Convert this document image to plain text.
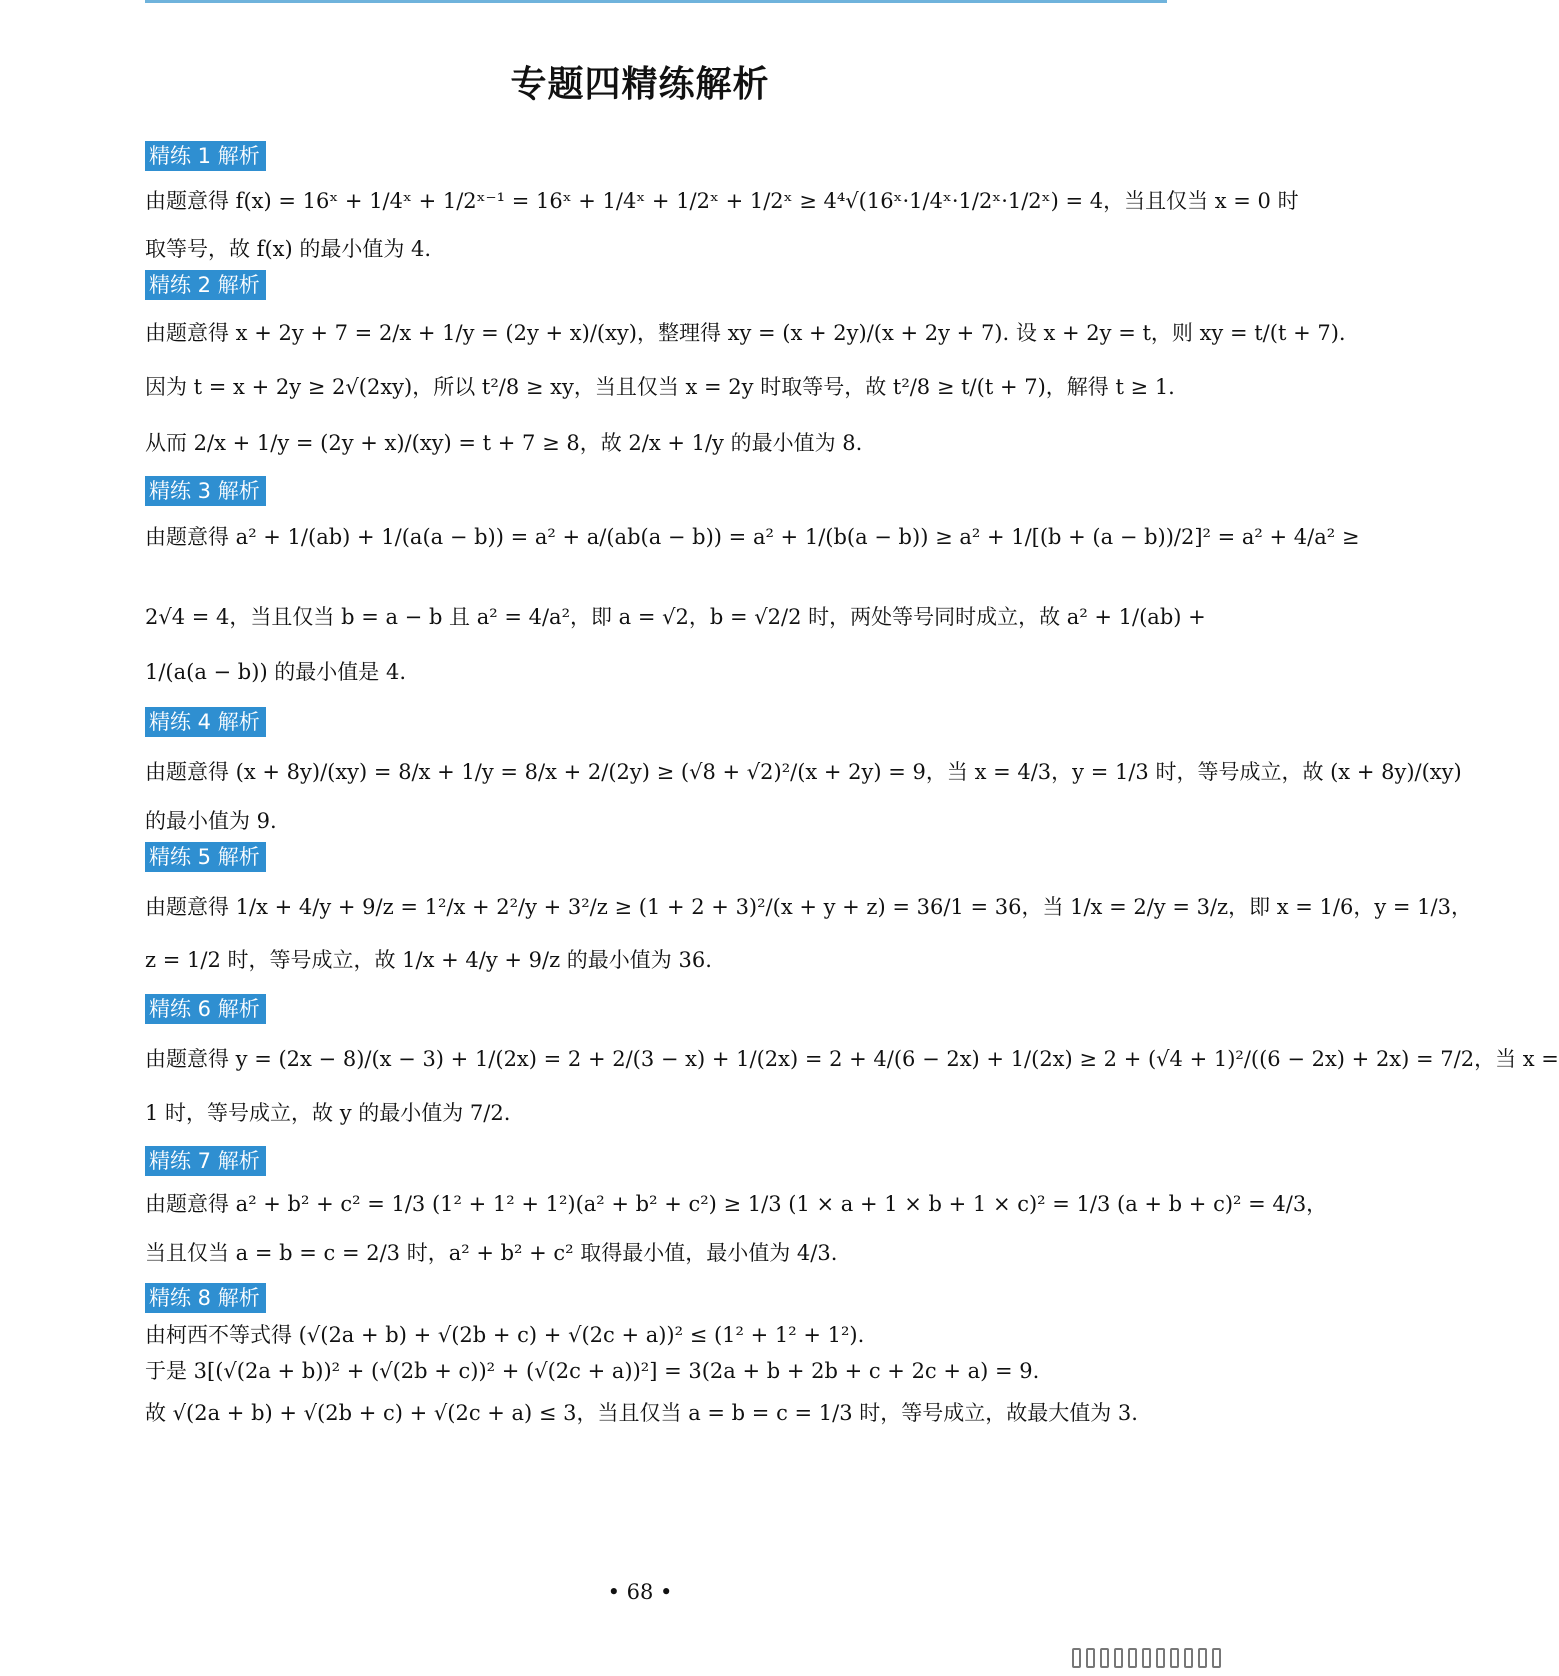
专题四精练解析
精练 1 解析
由题意得 f(x) = 16ˣ + 1/4ˣ + 1/2ˣ⁻¹ = 16ˣ + 1/4ˣ + 1/2ˣ + 1/2ˣ ≥ 4⁴√(16ˣ·1/4ˣ·1/2ˣ·1/2ˣ) = 4，当且仅当 x = 0 时
取等号，故 f(x) 的最小值为 4.
精练 2 解析
由题意得 x + 2y + 7 = 2/x + 1/y = (2y + x)/(xy)，整理得 xy = (x + 2y)/(x + 2y + 7). 设 x + 2y = t，则 xy = t/(t + 7).
因为 t = x + 2y ≥ 2√(2xy)，所以 t²/8 ≥ xy，当且仅当 x = 2y 时取等号，故 t²/8 ≥ t/(t + 7)，解得 t ≥ 1.
从而 2/x + 1/y = (2y + x)/(xy) = t + 7 ≥ 8，故 2/x + 1/y 的最小值为 8.
精练 3 解析
由题意得 a² + 1/(ab) + 1/(a(a − b)) = a² + a/(ab(a − b)) = a² + 1/(b(a − b)) ≥ a² + 1/[(b + (a − b))/2]² = a² + 4/a² ≥
2√4 = 4，当且仅当 b = a − b 且 a² = 4/a²，即 a = √2，b = √2/2 时，两处等号同时成立，故 a² + 1/(ab) +
1/(a(a − b)) 的最小值是 4.
精练 4 解析
由题意得 (x + 8y)/(xy) = 8/x + 1/y = 8/x + 2/(2y) ≥ (√8 + √2)²/(x + 2y) = 9，当 x = 4/3，y = 1/3 时，等号成立，故 (x + 8y)/(xy)
的最小值为 9.
精练 5 解析
由题意得 1/x + 4/y + 9/z = 1²/x + 2²/y + 3²/z ≥ (1 + 2 + 3)²/(x + y + z) = 36/1 = 36，当 1/x = 2/y = 3/z，即 x = 1/6，y = 1/3，
z = 1/2 时，等号成立，故 1/x + 4/y + 9/z 的最小值为 36.
精练 6 解析
由题意得 y = (2x − 8)/(x − 3) + 1/(2x) = 2 + 2/(3 − x) + 1/(2x) = 2 + 4/(6 − 2x) + 1/(2x) ≥ 2 + (√4 + 1)²/((6 − 2x) + 2x) = 7/2，当 x =
1 时，等号成立，故 y 的最小值为 7/2.
精练 7 解析
由题意得 a² + b² + c² = 1/3 (1² + 1² + 1²)(a² + b² + c²) ≥ 1/3 (1 × a + 1 × b + 1 × c)² = 1/3 (a + b + c)² = 4/3，
当且仅当 a = b = c = 2/3 时，a² + b² + c² 取得最小值，最小值为 4/3.
精练 8 解析
由柯西不等式得 (√(2a + b) + √(2b + c) + √(2c + a))² ≤ (1² + 1² + 1²).
于是 3[(√(2a + b))² + (√(2b + c))² + (√(2c + a))²] = 3(2a + b + 2b + c + 2c + a) = 9.
故 √(2a + b) + √(2b + c) + √(2c + a) ≤ 3，当且仅当 a = b = c = 1/3 时，等号成立，故最大值为 3.
• 68 •
